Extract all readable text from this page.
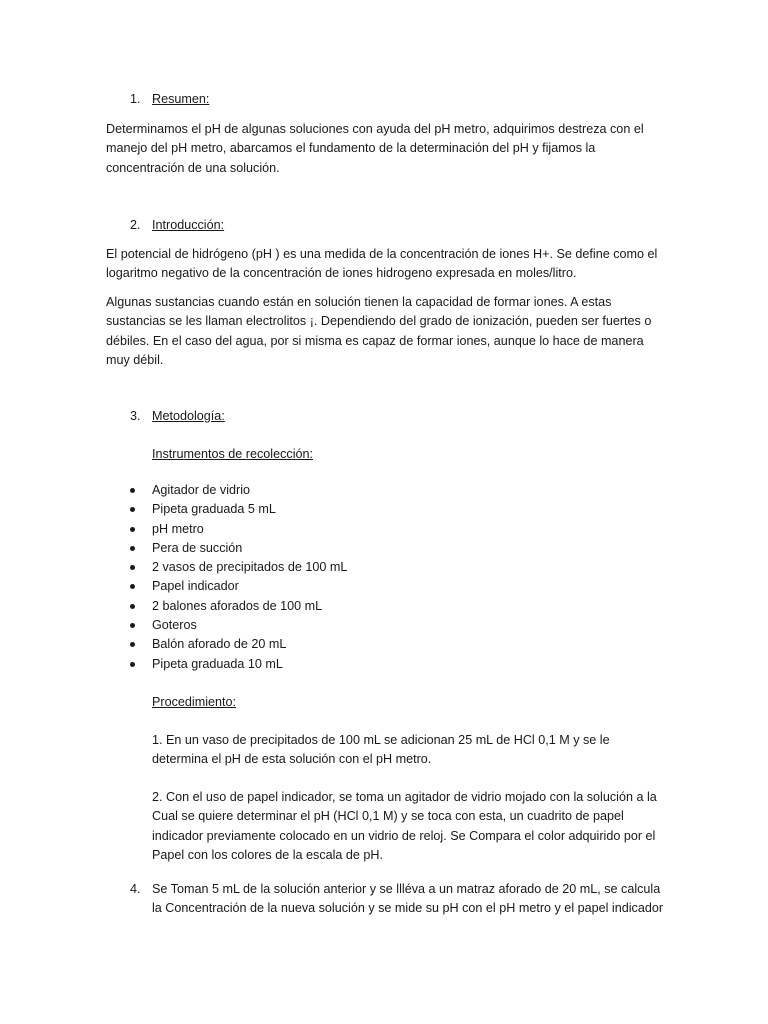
1. Resumen:

Determinamos el pH de algunas soluciones con ayuda del pH metro, adquirimos destreza con el manejo del pH metro, abarcamos el fundamento de la determinación del pH y fijamos la concentración de una solución.

2. Introducción:

El potencial de hidrógeno (pH ) es una medida de la concentración de iones H+. Se define como el logaritmo negativo de la concentración de iones hidrogeno expresada en moles/litro.

Algunas sustancias cuando están en solución tienen la capacidad de formar iones. A estas sustancias se les llaman electrolitos ¡. Dependiendo del grado de ionización, pueden ser fuertes o débiles. En el caso del agua, por si misma es capaz de formar iones, aunque lo hace de manera muy débil.

3. Metodología:
Instrumentos de recolección:
Agitador de vidrio
Pipeta graduada 5 mL
pH metro
Pera de succión
2 vasos de precipitados de 100 mL
Papel indicador
2 balones aforados de 100 mL
Goteros
Balón aforado de 20 mL
Pipeta graduada 10 mL
Procedimiento:

1. En un vaso de precipitados de 100 mL se adicionan 25 mL de HCl 0,1 M y se le determina el pH de esta solución con el pH metro.

2. Con el uso de papel indicador, se toma un agitador de vidrio mojado con la solución a la Cual se quiere determinar el pH (HCl 0,1 M) y se toca con esta, un cuadrito de papel indicador previamente colocado en un vidrio de reloj. Se Compara el color adquirido por el Papel con los colores de la escala de pH.

4. Se Toman 5 mL de la solución anterior y se llléva a un matraz aforado de 20 mL, se calcula la Concentración de la nueva solución y se mide su pH con el pH metro y el papel indicador
